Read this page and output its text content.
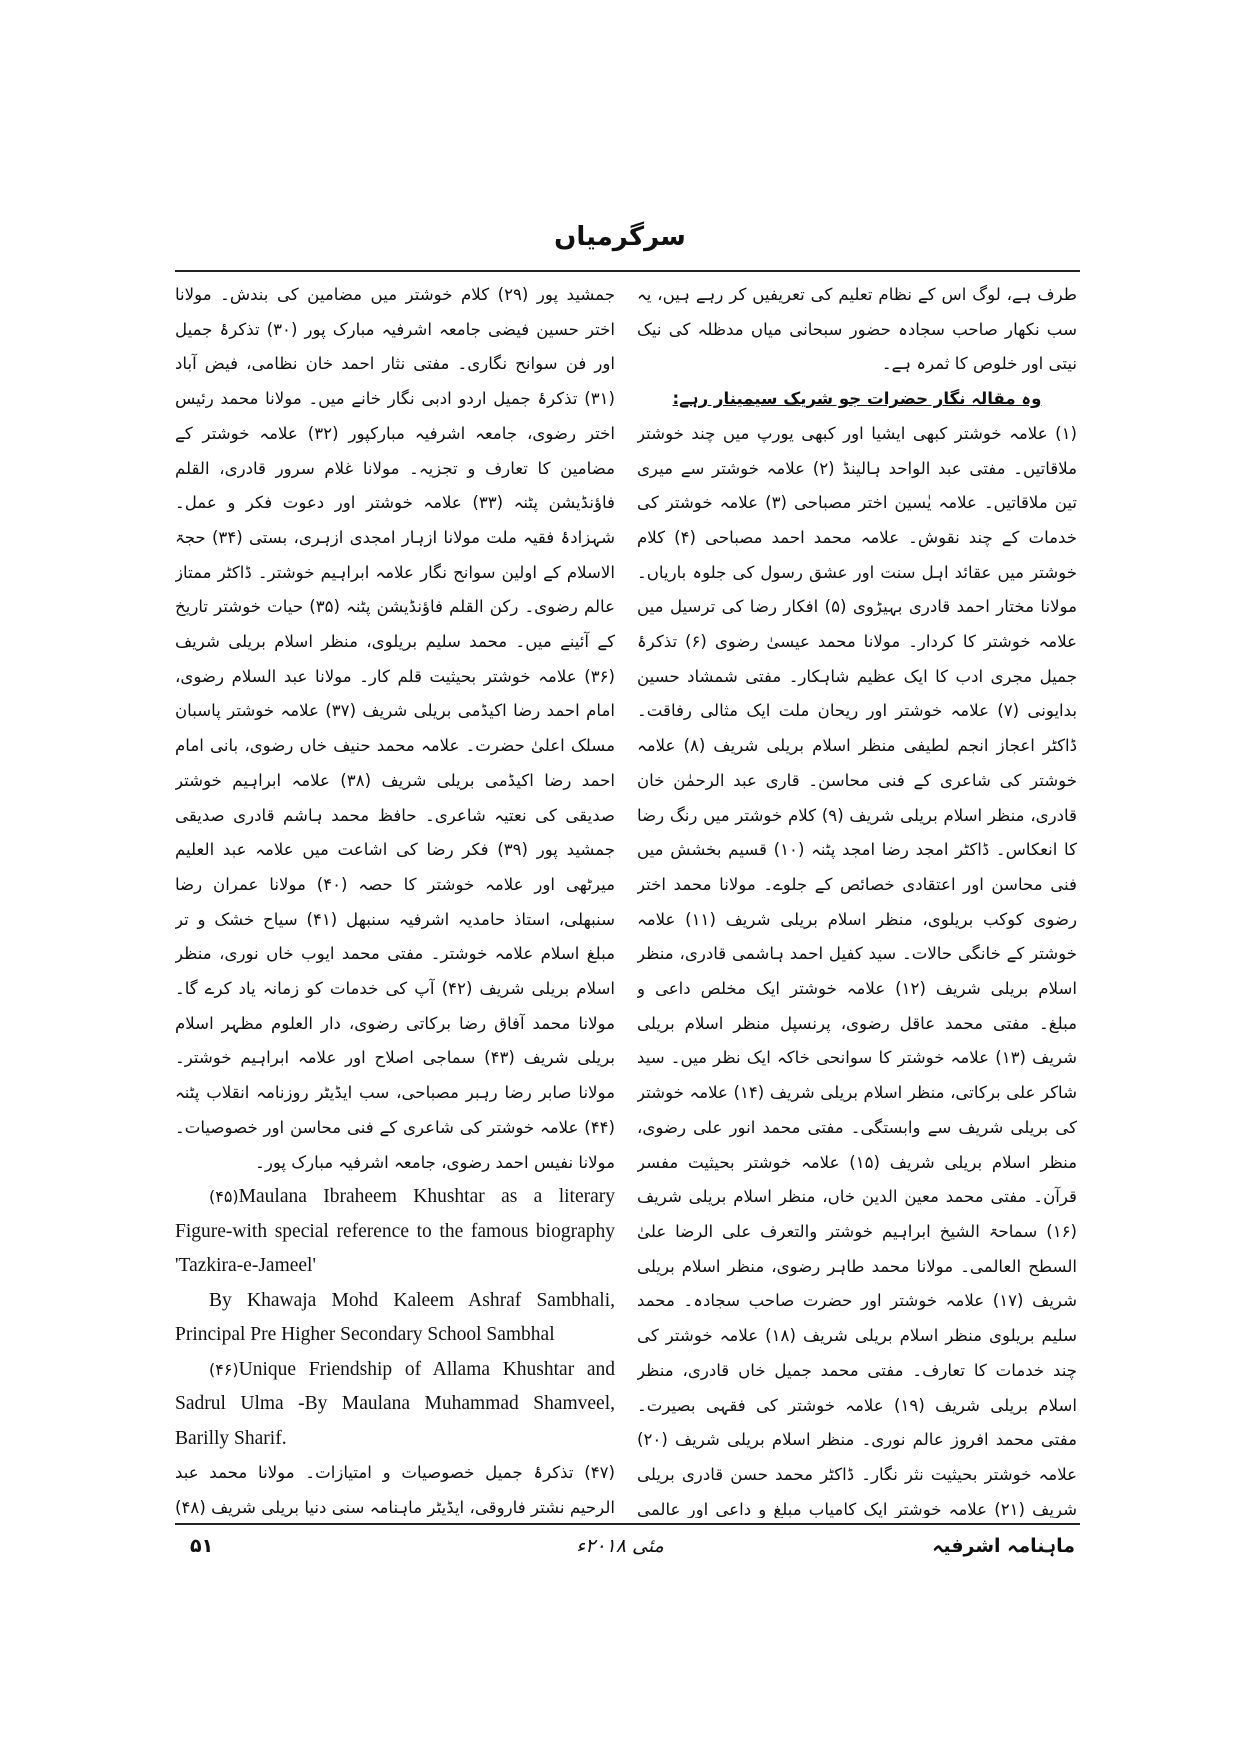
سرگرمیاں

طرف ہے، لوگ اس کے نظام تعلیم کی تعریفیں کر رہے ہیں، یہ سب نکھار صاحب سجادہ حضور سبحانی میاں مدظلہ کی نیک نیتی اور خلوص کا ثمرہ ہے۔

وہ مقالہ نگار حضرات جو شریک سیمینار رہے:

(۱) علامہ خوشتر کبھی ایشیا اور کبھی یورپ میں چند خوشتر ملاقاتیں۔ مفتی عبد الواحد ہالینڈ (۲) علامہ خوشتر سے میری تین ملاقاتیں۔ علامہ یٰسین اختر مصباحی (۳) علامہ خوشتر کی خدمات کے چند نقوش۔ علامہ محمد احمد مصباحی (۴) کلام خوشتر میں عقائد اہل سنت اور عشق رسول کی جلوہ باریاں۔ مولانا مختار احمد قادری بہیڑوی (۵) افکار رضا کی ترسیل میں علامہ خوشتر کا کردار۔ مولانا محمد عیسیٰ رضوی (۶) تذکرۂ جمیل مجری ادب کا ایک عظیم شاہکار۔ مفتی شمشاد حسین بدایونی (۷) علامہ خوشتر اور ریحان ملت ایک مثالی رفاقت۔ ڈاکٹر اعجاز انجم لطیفی منظر اسلام بریلی شریف (۸) علامہ خوشتر کی شاعری کے فنی محاسن۔ قاری عبد الرحمٰن خان قادری، منظر اسلام بریلی شریف (۹) کلام خوشتر میں رنگ رضا کا انعکاس۔ ڈاکٹر امجد رضا امجد پٹنہ (۱۰) قسیم بخشش میں فنی محاسن اور اعتقادی خصائص کے جلوے۔ مولانا محمد اختر رضوی کوکب بریلوی، منظر اسلام بریلی شریف (۱۱) علامہ خوشتر کے خانگی حالات۔ سید کفیل احمد ہاشمی قادری، منظر اسلام بریلی شریف (۱۲) علامہ خوشتر ایک مخلص داعی و مبلغ۔ مفتی محمد عاقل رضوی، پرنسپل منظر اسلام بریلی شریف (۱۳) علامہ خوشتر کا سوانحی خاکہ ایک نظر میں۔ سید شاکر علی برکاتی، منظر اسلام بریلی شریف (۱۴) علامہ خوشتر کی بریلی شریف سے وابستگی۔ مفتی محمد انور علی رضوی، منظر اسلام بریلی شریف (۱۵) علامہ خوشتر بحیثیت مفسر قرآن۔ مفتی محمد معین الدین خاں، منظر اسلام بریلی شریف (۱۶) سماحۃ الشیخ ابراہیم خوشتر والتعرف علی الرضا علیٰ السطح العالمی۔ مولانا محمد طاہر رضوی، منظر اسلام بریلی شریف (۱۷) علامہ خوشتر اور حضرت صاحب سجادہ۔ محمد سلیم بریلوی منظر اسلام بریلی شریف (۱۸) علامہ خوشتر کی چند خدمات کا تعارف۔ مفتی محمد جمیل خاں قادری، منظر اسلام بریلی شریف (۱۹) علامہ خوشتر کی فقہی بصیرت۔ مفتی محمد افروز عالم نوری۔ منظر اسلام بریلی شریف (۲۰) علامہ خوشتر بحیثیت نثر نگار۔ ڈاکٹر محمد حسن قادری بریلی شریف (۲۱) علامہ خوشتر ایک کامیاب مبلغ و داعی اور عالمی

جمشید پور (۲۹) کلام خوشتر میں مضامین کی بندش۔ مولانا اختر حسین فیضی جامعہ اشرفیہ مبارک پور (۳۰) تذکرۂ جمیل اور فن سوانح نگاری۔ مفتی نثار احمد خان نظامی، فیض آباد (۳۱) تذکرۂ جمیل اردو ادبی نگار خانے میں۔ مولانا محمد رئیس اختر رضوی، جامعہ اشرفیہ مبارکپور (۳۲) علامہ خوشتر کے مضامین کا تعارف و تجزیہ۔ مولانا غلام سرور قادری، القلم فاؤنڈیشن پٹنہ (۳۳) علامہ خوشتر اور دعوت فکر و عمل۔ شہزادۂ فقیہ ملت مولانا ازہار امجدی ازہری، بستی (۳۴) حجۃ الاسلام کے اولین سوانح نگار علامہ ابراہیم خوشتر۔ ڈاکٹر ممتاز عالم رضوی۔ رکن القلم فاؤنڈیشن پٹنہ (۳۵) حیات خوشتر تاریخ کے آئینے میں۔ محمد سلیم بریلوی، منظر اسلام بریلی شریف (۳۶) علامہ خوشتر بحیثیت قلم کار۔ مولانا عبد السلام رضوی، امام احمد رضا اکیڈمی بریلی شریف (۳۷) علامہ خوشتر پاسبان مسلک اعلیٰ حضرت۔ علامہ محمد حنیف خاں رضوی، بانی امام احمد رضا اکیڈمی بریلی شریف (۳۸) علامہ ابراہیم خوشتر صدیقی کی نعتیہ شاعری۔ حافظ محمد ہاشم قادری صدیقی جمشید پور (۳۹) فکر رضا کی اشاعت میں علامہ عبد العلیم میرٹھی اور علامہ خوشتر کا حصہ (۴۰) مولانا عمران رضا سنبھلی، استاذ حامدیہ اشرفیہ سنبھل (۴۱) سیاح خشک و تر مبلغ اسلام علامہ خوشتر۔ مفتی محمد ایوب خاں نوری، منظر اسلام بریلی شریف (۴۲) آپ کی خدمات کو زمانہ یاد کرے گا۔ مولانا محمد آفاق رضا برکاتی رضوی، دار العلوم مظہر اسلام بریلی شریف (۴۳) سماجی اصلاح اور علامہ ابراہیم خوشتر۔ مولانا صابر رضا رہبر مصباحی، سب ایڈیٹر روزنامہ انقلاب پٹنہ (۴۴) علامہ خوشتر کی شاعری کے فنی محاسن اور خصوصیات۔ مولانا نفیس احمد رضوی، جامعہ اشرفیہ مبارک پور۔

(۴۵)Maulana Ibraheem Khushtar as a literary Figure-with special reference to the famous biography 'Tazkira-e-Jameel'

By Khawaja Mohd Kaleem Ashraf Sambhali, Principal Pre Higher Secondary School Sambhal

(۴۶)Unique Friendship of Allama Khushtar and Sadrul Ulma -By Maulana Muhammad Shamveel, Barilly Sharif.

(۴۷) تذکرۂ جمیل خصوصیات و امتیازات۔ مولانا محمد عبد الرحیم نشتر فاروقی، ایڈیٹر ماہنامہ سنی دنیا بریلی شریف (۴۸)

ماہنامہ اشرفیہ
مئی ۲۰۱۸ء
۵۱
